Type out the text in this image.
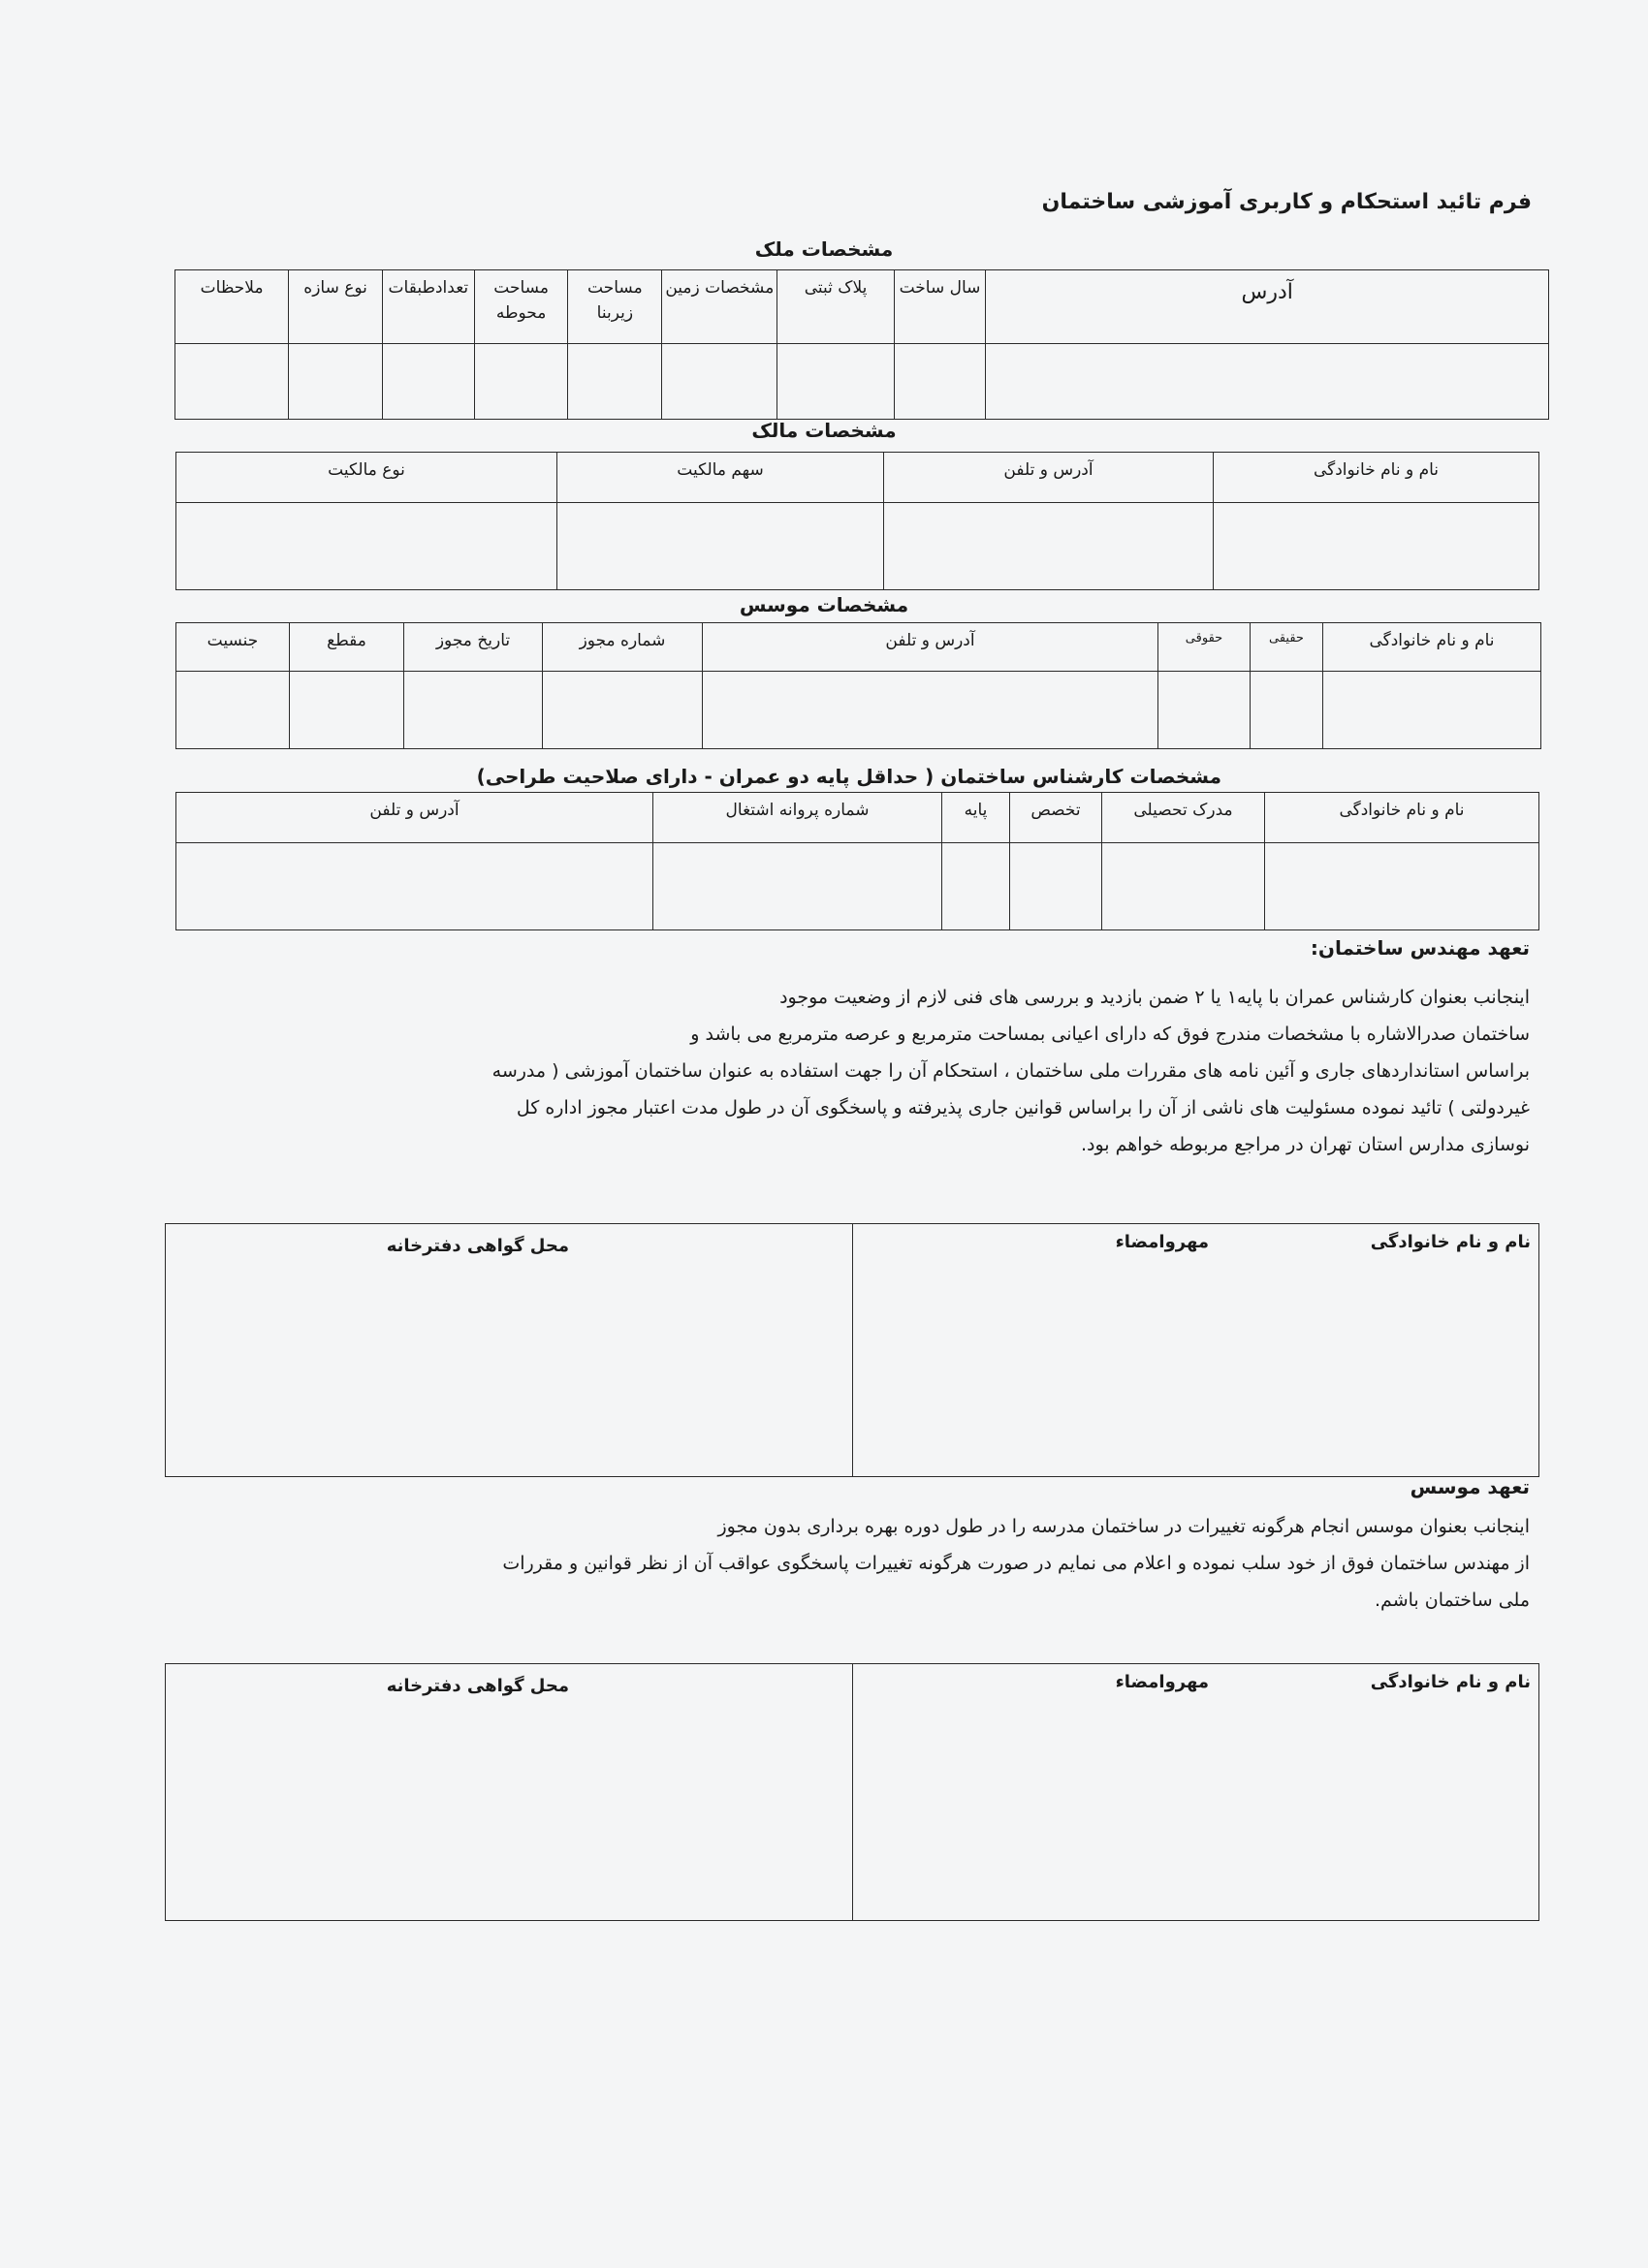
فرم تائید استحکام و کاربری آموزشی ساختمان
مشخصات ملک
آدرس	سال ساخت	پلاک ثبتی	مشخصات زمین	مساحت زیربنا	مساحت محوطه	تعدادطبقات	نوع سازه	ملاحظات

مشخصات مالک
نام و نام خانوادگی	آدرس و تلفن	سهم مالکیت	نوع مالکیت

مشخصات موسس
نام و نام خانوادگی	حقیقی	حقوقی	آدرس و تلفن	شماره مجوز	تاریخ مجوز	مقطع	جنسیت

مشخصات کارشناس ساختمان ( حداقل پایه دو عمران - دارای صلاحیت طراحی)
نام و نام خانوادگی	مدرک تحصیلی	تخصص	پایه	شماره پروانه اشتغال	آدرس و تلفن

تعهد مهندس ساختمان:
اینجانب بعنوان کارشناس عمران با پایه۱ یا ۲ ضمن بازدید و بررسی های فنی لازم از وضعیت موجود
ساختمان صدرالاشاره با مشخصات مندرج فوق که دارای اعیانی بمساحت مترمربع و عرصه مترمربع می باشد و
براساس استانداردهای جاری و آئین نامه های مقررات ملی ساختمان ، استحکام آن را جهت استفاده به عنوان ساختمان آموزشی ( مدرسه
غیردولتی ) تائید نموده مسئولیت های ناشی از آن را براساس قوانین جاری پذیرفته و پاسخگوی آن در طول مدت اعتبار مجوز اداره کل
نوسازی مدارس استان تهران در مراجع مربوطه خواهم بود.
نام و نام خانوادگی
مهروامضاء
محل گواهی دفترخانه
تعهد موسس
اینجانب بعنوان موسس انجام هرگونه تغییرات در ساختمان مدرسه را در طول دوره بهره برداری بدون مجوز
از مهندس ساختمان فوق از خود سلب نموده و اعلام می نمایم در صورت هرگونه تغییرات پاسخگوی عواقب آن از نظر قوانین و مقررات
ملی ساختمان باشم.
نام و نام خانوادگی
مهروامضاء
محل گواهی دفترخانه
